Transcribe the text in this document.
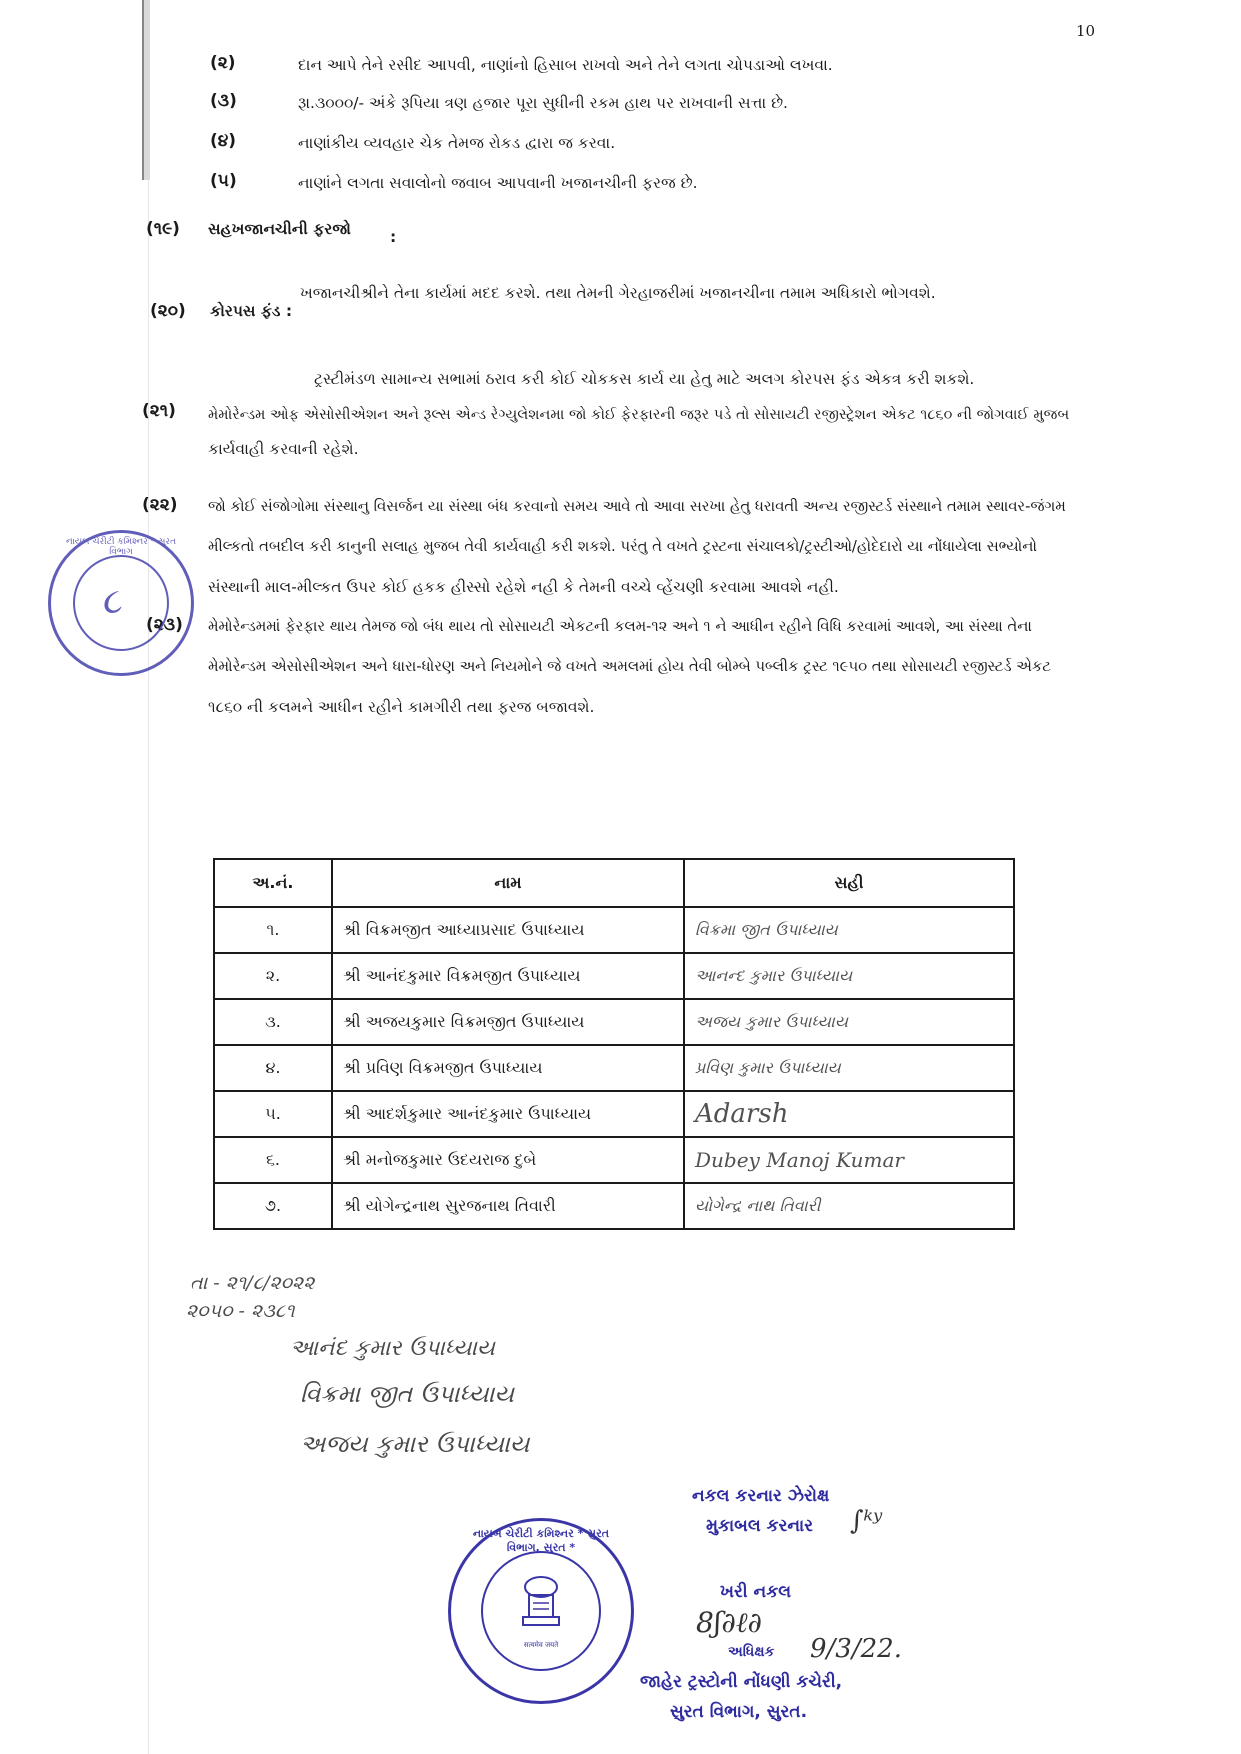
10
(૨)	દાન આપે તેને રસીદ આપવી, નાણાંનો હિસાબ રાખવો અને તેને લગતા ચોપડાઓ લખવા.
(૩)	રૂા.૩૦૦૦/- અંકે રૂપિયા ત્રણ હજાર પૂરા સુધીની રકમ હાથ પર રાખવાની સત્તા છે.
(૪)	નાણાંકીય વ્યવહાર ચેક તેમજ રોકડ દ્વારા જ કરવા.
(૫)	નાણાંને લગતા સવાલોનો જવાબ આપવાની ખજાનચીની ફરજ છે.
(૧૯) સહખજાનચીની ફરજો	:
ખજાનચીશ્રીને તેના કાર્યમાં મદદ કરશે. તથા તેમની ગેરહાજરીમાં ખજાનચીના તમામ અધિકારો ભોગવશે.
(૨૦) કોરપસ ફંડ :
ટ્રસ્ટીમંડળ સામાન્ય સભામાં ઠરાવ કરી કોઈ ચોકકસ કાર્ય યા હેતુ માટે અલગ કોરપસ ફંડ એકત્ર કરી શકશે.
(૨૧) મેમોરેન્ડમ ઓફ એસોસીએશન અને રૂલ્સ એન્ડ રેગ્યુલેશનમા જો કોઈ ફેરફારની જરૂર પડે તો સોસાયટી રજીસ્ટ્રેશન એકટ ૧૮૬૦ ની જોગવાઈ મુજબ
કાર્યવાહી કરવાની રહેશે.
(૨૨) જો કોઈ સંજોગોમા સંસ્થાનુ વિસર્જન યા સંસ્થા બંધ કરવાનો સમય આવે તો આવા સરખા હેતુ ધરાવતી અન્ય રજીસ્ટર્ડ સંસ્થાને તમામ સ્થાવર-જંગમ
મીલ્કતો તબદીલ કરી કાનુની સલાહ મુજબ તેવી કાર્યવાહી કરી શકશે. પરંતુ તે વખતે ટ્રસ્ટના સંચાલકો/ટ્રસ્ટીઓ/હોદેદારો યા નોંધાયેલા સભ્યોનો
સંસ્થાની માલ-મીલ્કત ઉપર કોઈ હકક હીસ્સો રહેશે નહી કે તેમની વચ્ચે વ્હેંચણી કરવામા આવશે નહી.
(૨૩) મેમોરેન્ડમમાં ફેરફાર થાય તેમજ જો બંધ થાય તો સોસાયટી એકટની કલમ-૧૨ અને ૧ ને આધીન રહીને વિધિ કરવામાં આવશે, આ સંસ્થા તેના
મેમોરેન્ડમ એસોસીએશન અને ધારા-ધોરણ અને નિયમોને જે વખતે અમલમાં હોય તેવી બોમ્બે પબ્લીક ટ્રસ્ટ ૧૯૫૦ તથા સોસાયટી રજીસ્ટર્ડ એકટ
૧૮૬૦ ની કલમને આધીન રહીને કામગીરી તથા ફરજ બજાવશે.
નાયબ ચેરીટી કમિશ્નર * સુરત વિભાગ
૮
અ.નં.	નામ	સહી
૧.	શ્રી વિક્રમજીત આધ્યાપ્રસાદ ઉપાધ્યાય	વિક્રમા જીત ઉપાધ્યાય
૨.	શ્રી આનંદકુમાર વિક્રમજીત ઉપાધ્યાય	આનન્દ કુમાર ઉપાધ્યાય
૩.	શ્રી અજયકુમાર વિક્રમજીત ઉપાધ્યાય	અજય કુમાર ઉપાધ્યાય
૪.	શ્રી પ્રવિણ વિક્રમજીત ઉપાધ્યાય	પ્રવિણ કુમાર ઉપાધ્યાય
૫.	શ્રી આદર્શકુમાર આનંદકુમાર ઉપાધ્યાય	Adarsh
૬.	શ્રી મનોજકુમાર ઉદયરાજ દુબે	Dubey Manoj Kumar
૭.	શ્રી યોગેન્દ્રનાથ સુરજનાથ તિવારી	યોગેન્દ્ર નાથ તિવારી
તા - ૨૧/૮/૨૦૨૨
૨૦૫૦ - ૨૩૮૧
આનંદ કુમાર ઉપાધ્યાય
વિક્રમા જીત ઉપાધ્યાય
અજય કુમાર ઉપાધ્યાય
નાયબ ચેરીટી કમિશ્નર * સુરત વિભાગ, સુરત *
सत्यमेव जयते
નકલ કરનાર ઝેરોક્ષ
મુકાબલ કરનાર ∫ᵏʸ
ખરી નકલ
8ʃ∂ℓ∂
અધિક્ષક 9/3/22.
જાહેર ટ્રસ્ટોની નોંધણી કચેરી,
સુરત વિભાગ, સુરત.
